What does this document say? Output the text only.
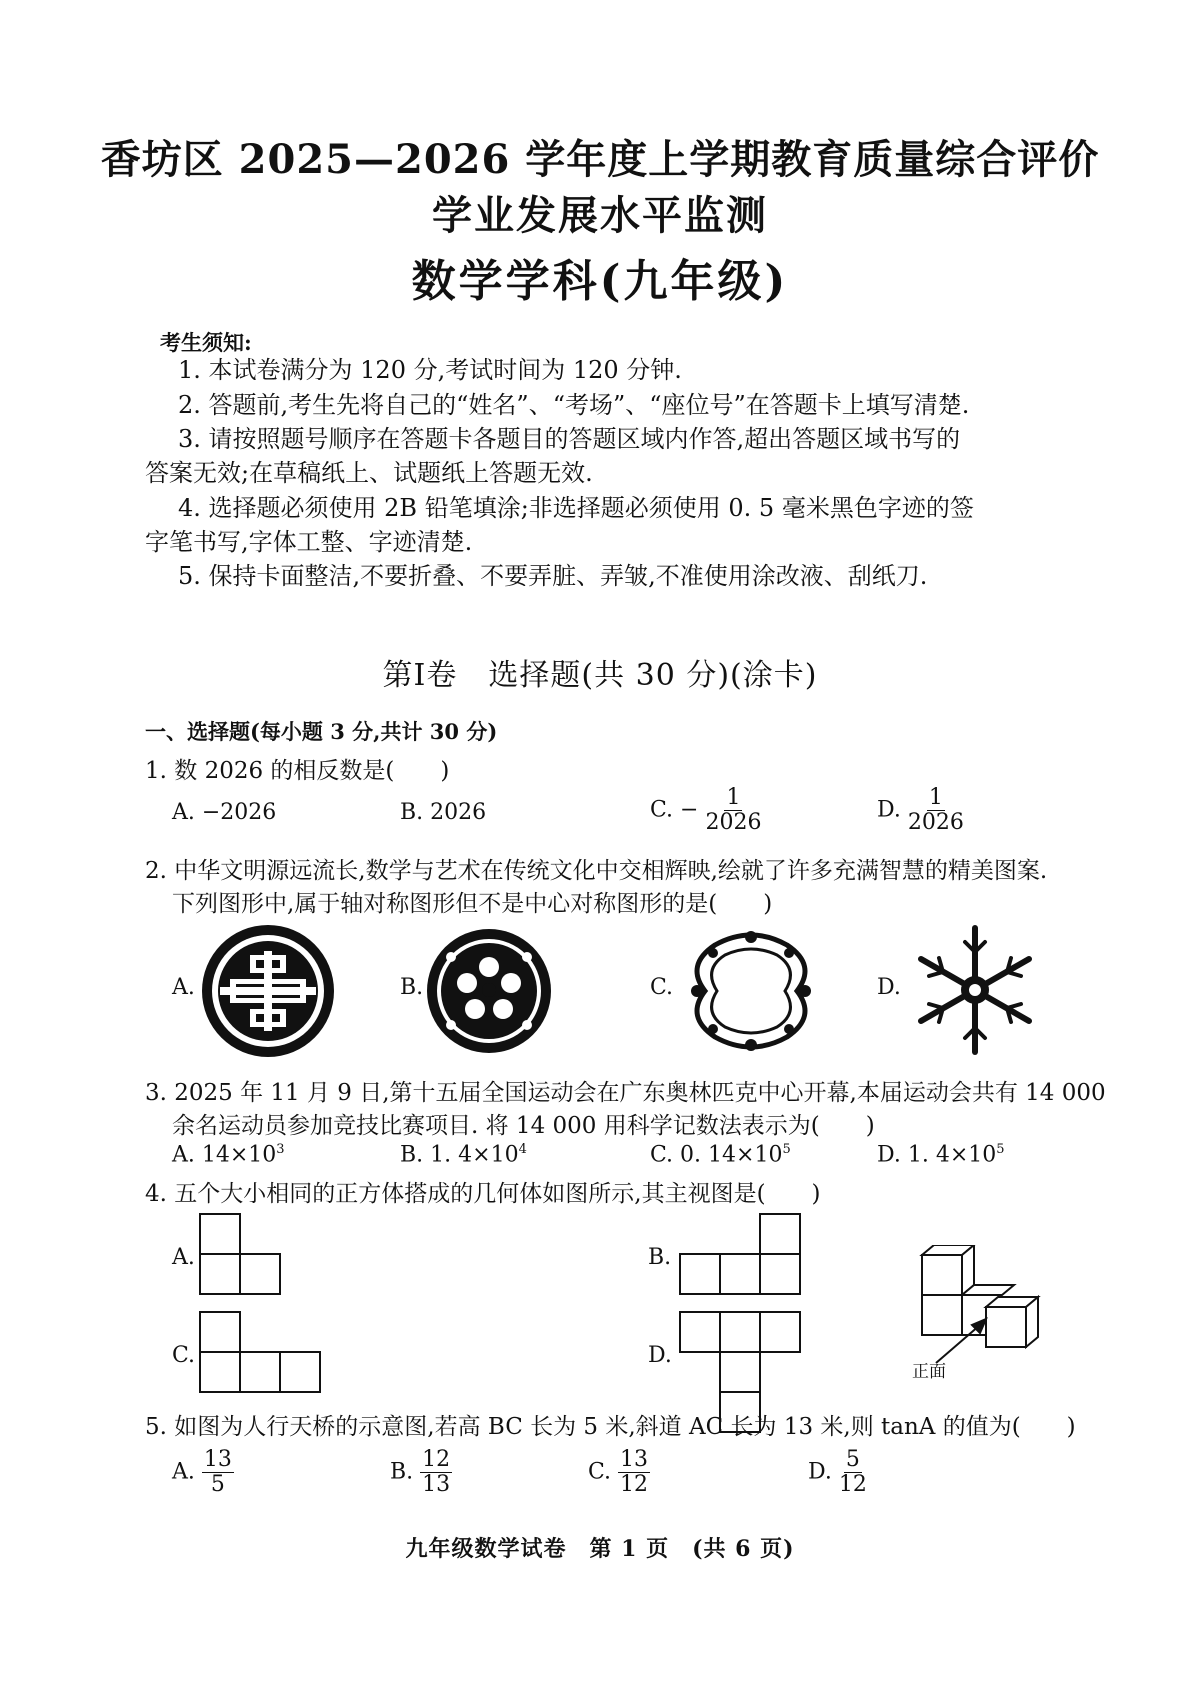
香坊区 2025—2026 学年度上学期教育质量综合评价
学业发展水平监测
数学学科(九年级)
考生须知:
1. 本试卷满分为 120 分,考试时间为 120 分钟.
2. 答题前,考生先将自己的“姓名”、“考场”、“座位号”在答题卡上填写清楚.
3. 请按照题号顺序在答题卡各题目的答题区域内作答,超出答题区域书写的
答案无效;在草稿纸上、试题纸上答题无效.
4. 选择题必须使用 2B 铅笔填涂;非选择题必须使用 0. 5 毫米黑色字迹的签
字笔书写,字体工整、字迹清楚.
5. 保持卡面整洁,不要折叠、不要弄脏、弄皱,不准使用涂改液、刮纸刀.
第Ⅰ卷　选择题(共 30 分)(涂卡)
一、选择题(每小题 3 分,共计 30 分)
1. 数 2026 的相反数是(　　)
A. −2026	B. 2026	C. − $\frac{1}{2026}$	D. $\frac{1}{2026}$
2. 中华文明源远流长,数学与艺术在传统文化中交相辉映,绘就了许多充满智慧的精美图案.
下列图形中,属于轴对称图形但不是中心对称图形的是(　　)
A.	B.	C.	D.
3. 2025 年 11 月 9 日,第十五届全国运动会在广东奥林匹克中心开幕,本届运动会共有 14 000
余名运动员参加竞技比赛项目. 将 14 000 用科学记数法表示为(　　)
A. $14\times 10^3$	B. 1. $4\times 10^4$	C. 0. $14\times 10^5$	D. 1. $4\times 10^5$
4. 五个大小相同的正方体搭成的几何体如图所示,其主视图是(　　)
A.	B.
C.	D.
正面
5. 如图为人行天桥的示意图,若高 BC 长为 5 米,斜道 AC 长为 13 米,则 tanA 的值为(　　)
A. $\frac{13}{5}$	B. $\frac{12}{13}$	C. $\frac{13}{12}$	D. $\frac{5}{12}$
九年级数学试卷　第 1 页　(共 6 页)
